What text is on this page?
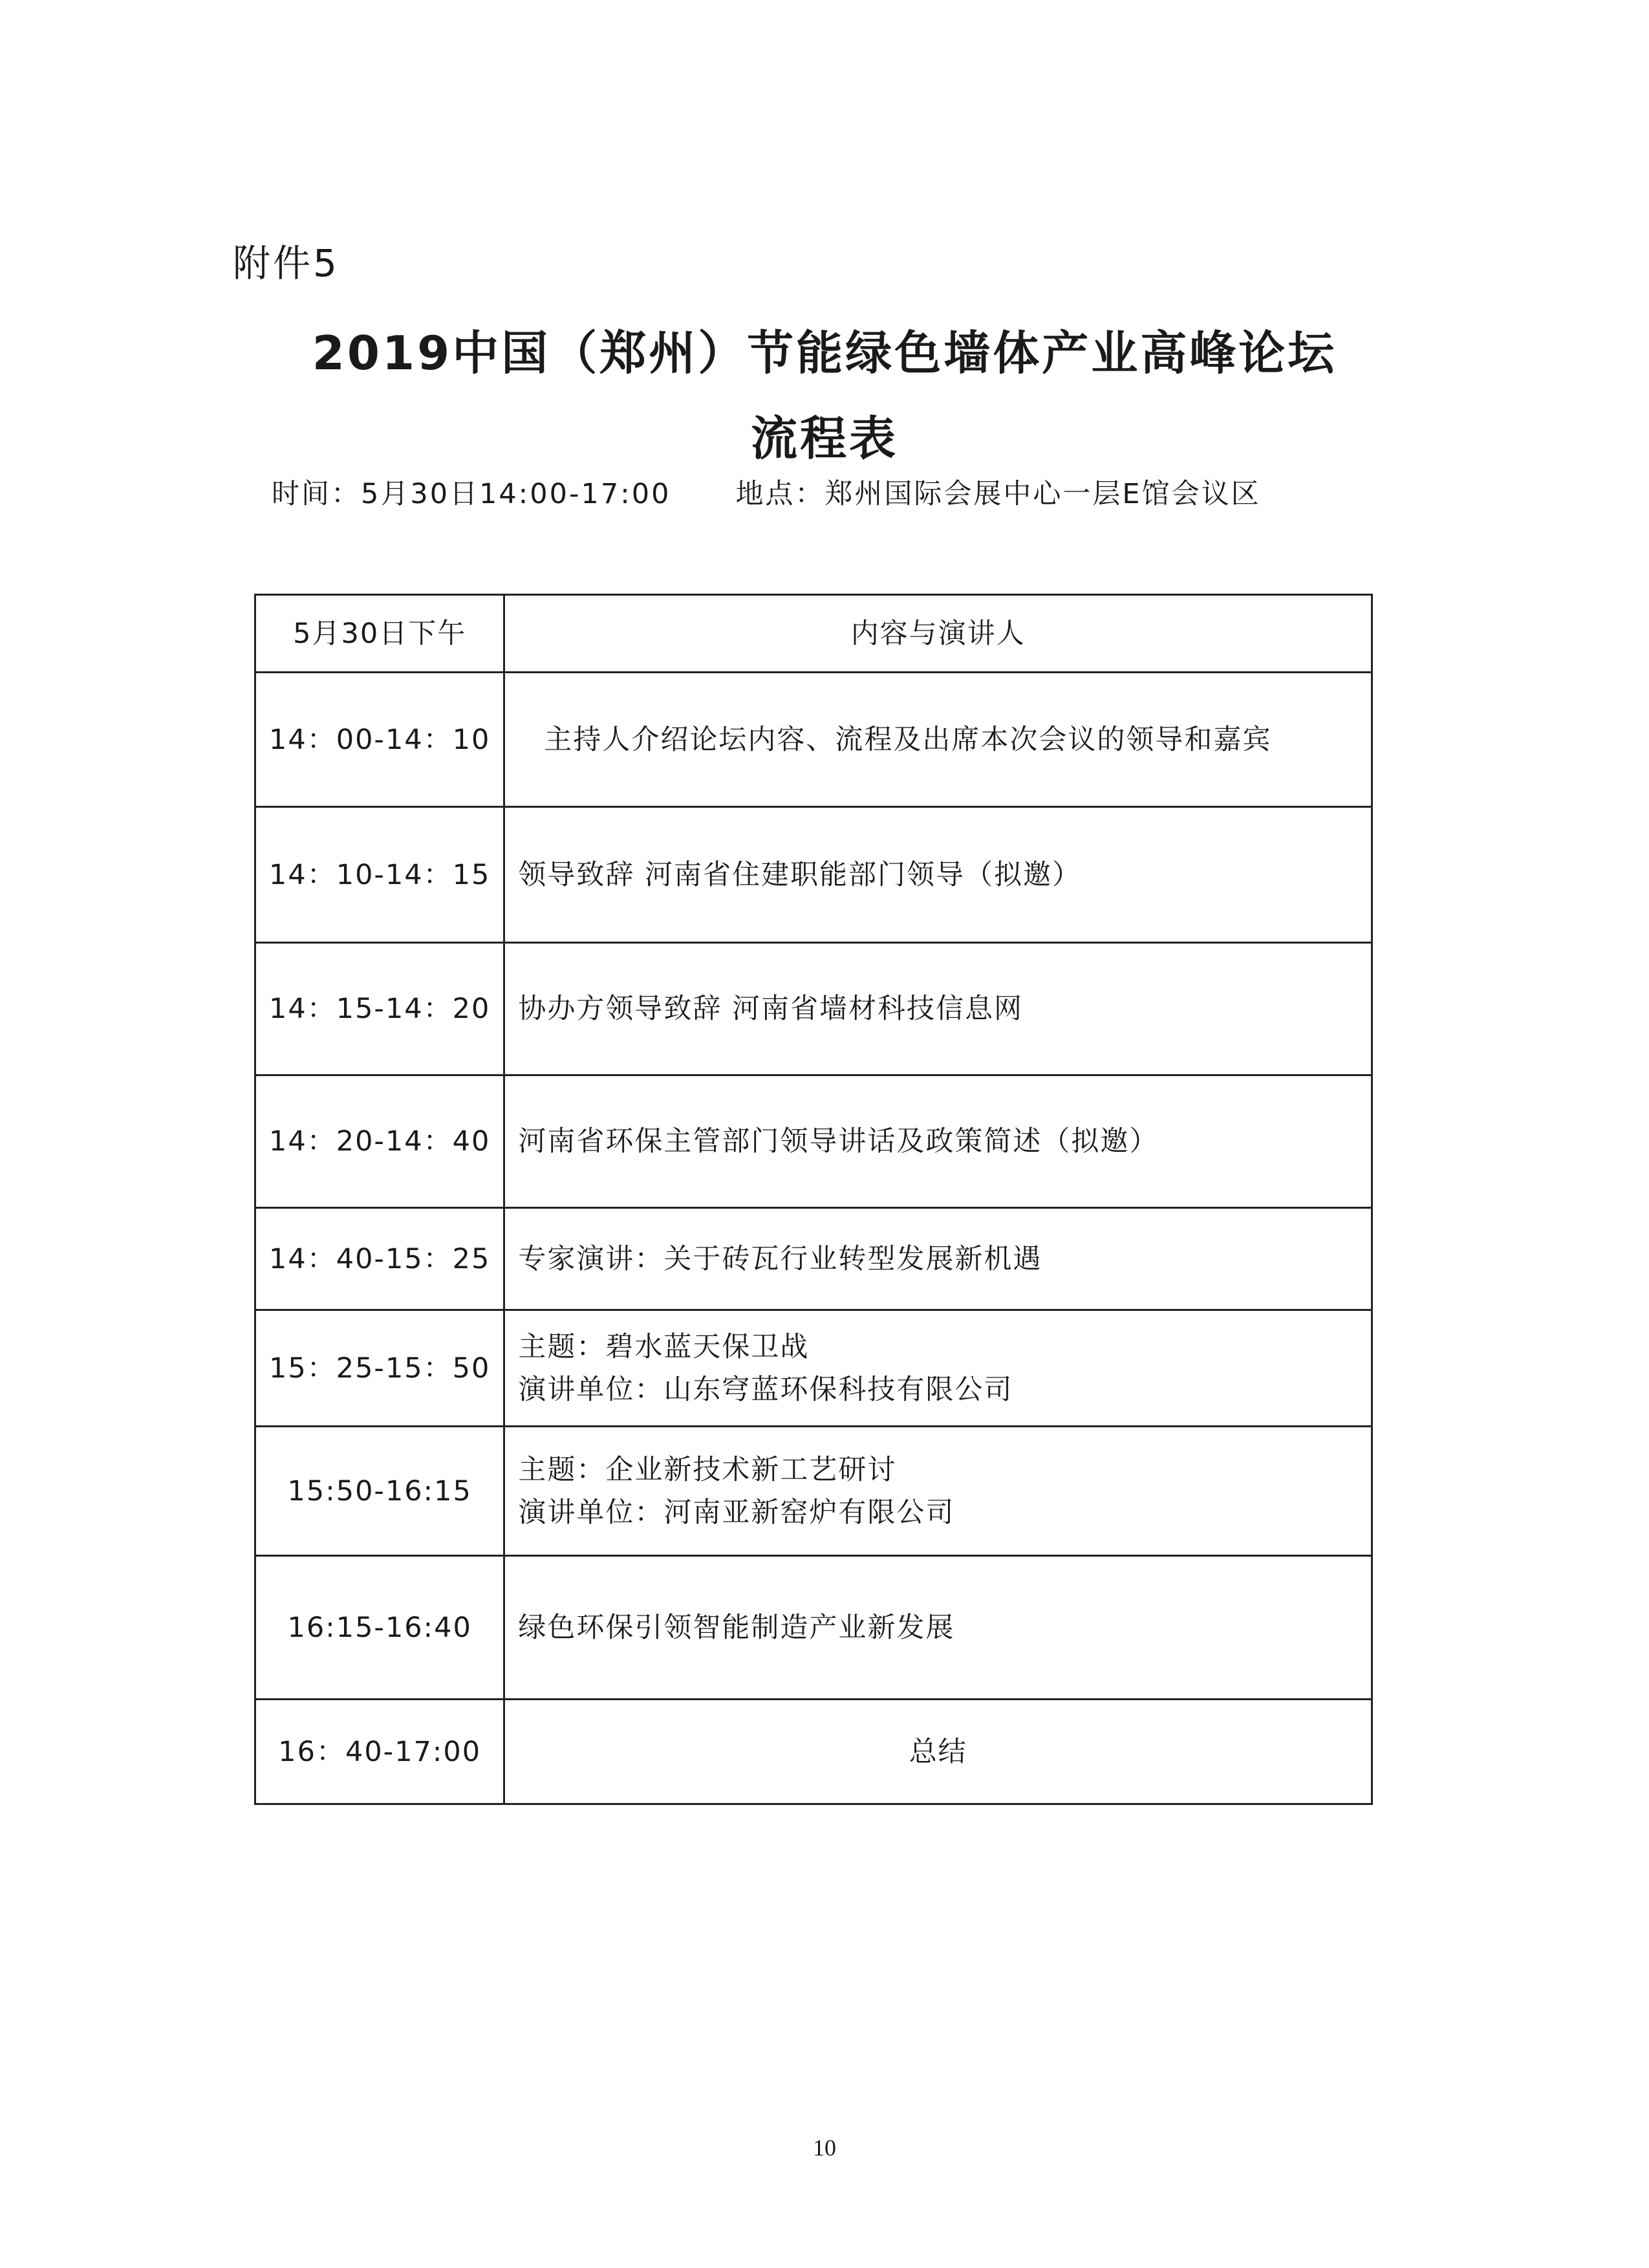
附件5
2019中国（郑州）节能绿色墙体产业高峰论坛
流程表
时间：5月30日14:00-17:00 地点：郑州国际会展中心一层E馆会议区
5月30日下午	内容与演讲人
14：00-14：10	主持人介绍论坛内容、流程及出席本次会议的领导和嘉宾

14：10-14：15	领导致辞 河南省住建职能部门领导（拟邀）

14：15-14：20	协办方领导致辞 河南省墙材科技信息网

14：20-14：40	河南省环保主管部门领导讲话及政策简述（拟邀）

14：40-15：25	专家演讲：关于砖瓦行业转型发展新机遇

15：25-15：50	主题：碧水蓝天保卫战
演讲单位：山东穹蓝环保科技有限公司

15:50-16:15	主题：企业新技术新工艺研讨
演讲单位：河南亚新窑炉有限公司

16:15-16:40	绿色环保引领智能制造产业新发展

16：40-17:00	总结
10
